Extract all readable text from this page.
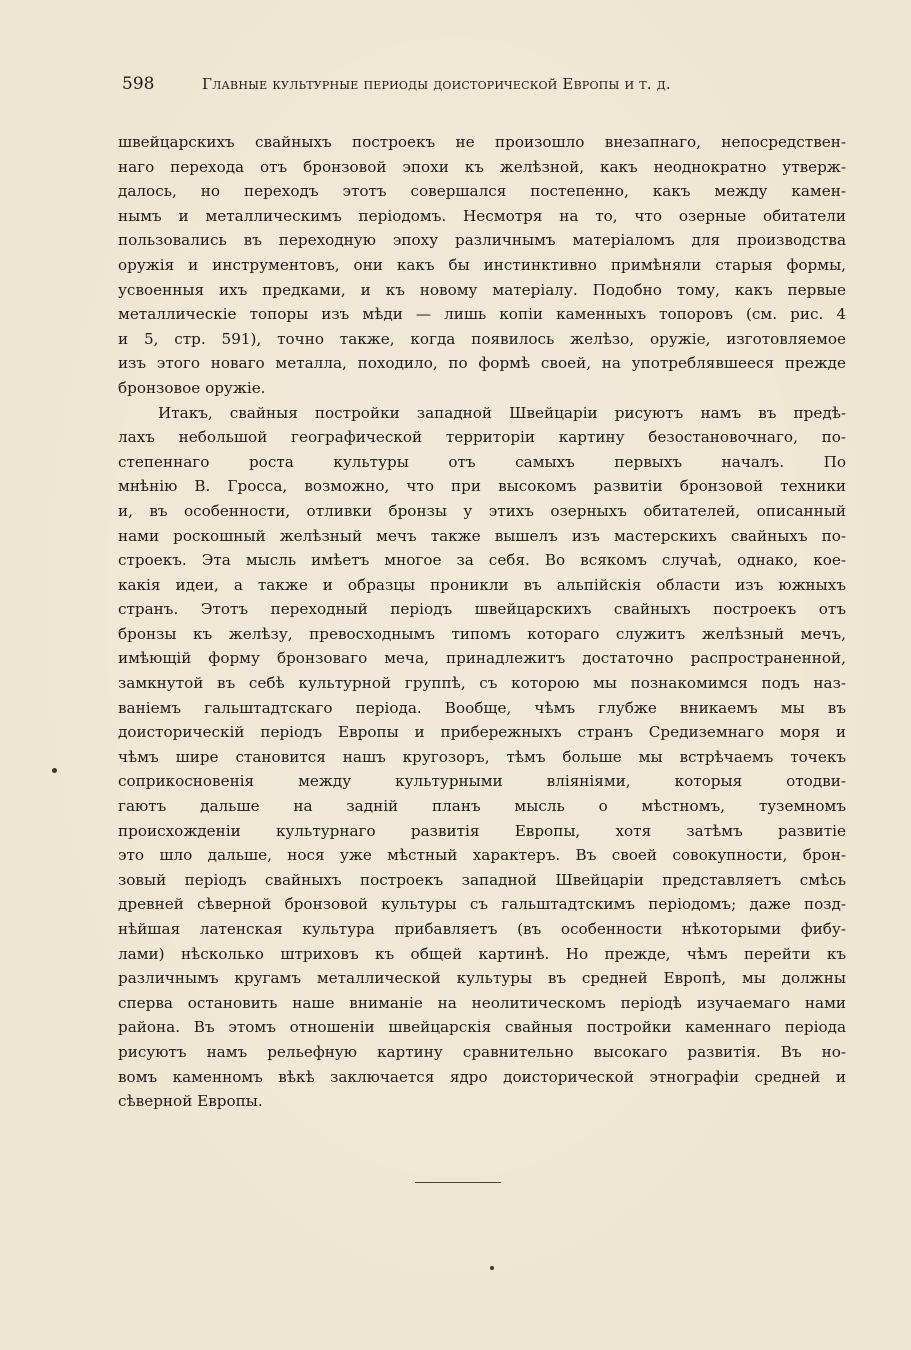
598	Главные культурные периоды доисторической Европы и т. д.

швейцарскихъ свайныхъ построекъ не произошло внезапнаго, непосредствен-
наго перехода отъ бронзовой эпохи къ желѣзной, какъ неоднократно утверж-
далось, но переходъ этотъ совершался постепенно, какъ между камен-
нымъ и металлическимъ періодомъ. Несмотря на то, что озерные обитатели
пользовались въ переходную эпоху различнымъ матеріаломъ для производства
оружія и инструментовъ, они какъ бы инстинктивно примѣняли старыя формы,
усвоенныя ихъ предками, и къ новому матеріалу. Подобно тому, какъ первые
металлическіе топоры изъ мѣди — лишь копіи каменныхъ топоровъ (см. рис. 4
и 5, стр. 591), точно также, когда появилось желѣзо, оружіе, изготовляемое
изъ этого новаго металла, походило, по формѣ своей, на употреблявшееся прежде
бронзовое оружіе.

Итакъ, свайныя постройки западной Швейцаріи рисуютъ намъ въ предѣ-
лахъ небольшой географической территоріи картину безостановочнаго, по-
степеннаго роста культуры отъ самыхъ первыхъ началъ. По
мнѣнію В. Гросса, возможно, что при высокомъ развитіи бронзовой техники
и, въ особенности, отливки бронзы у этихъ озерныхъ обитателей, описанный
нами роскошный желѣзный мечъ также вышелъ изъ мастерскихъ свайныхъ по-
строекъ. Эта мысль имѣетъ многое за себя. Во всякомъ случаѣ, однако, кое-
какія идеи, а также и образцы проникли въ альпійскія области изъ южныхъ
странъ. Этотъ переходный періодъ швейцарскихъ свайныхъ построекъ отъ
бронзы къ желѣзу, превосходнымъ типомъ котораго служитъ желѣзный мечъ,
имѣющій форму бронзоваго меча, принадлежитъ достаточно распространенной,
замкнутой въ себѣ культурной группѣ, съ которою мы познакомимся подъ наз-
ваніемъ гальштадтскаго періода. Вообще, чѣмъ глубже вникаемъ мы въ
доисторическій періодъ Европы и прибережныхъ странъ Средиземнаго моря и
чѣмъ шире становится нашъ кругозоръ, тѣмъ больше мы встрѣчаемъ точекъ
соприкосновенія между культурными вліяніями, которыя отодви-
гаютъ дальше на задній планъ мысль о мѣстномъ, туземномъ
происхожденіи культурнаго развитія Европы, хотя затѣмъ развитіе
это шло дальше, нося уже мѣстный характеръ. Въ своей совокупности, брон-
зовый періодъ свайныхъ построекъ западной Швейцаріи представляетъ смѣсь
древней сѣверной бронзовой культуры съ гальштадтскимъ періодомъ; даже позд-
нѣйшая латенская культура прибавляетъ (въ особенности нѣкоторыми фибу-
лами) нѣсколько штриховъ къ общей картинѣ. Но прежде, чѣмъ перейти къ
различнымъ кругамъ металлической культуры въ средней Европѣ, мы должны
сперва остановить наше вниманіе на неолитическомъ періодѣ изучаемаго нами
района. Въ этомъ отношеніи швейцарскія свайныя постройки каменнаго періода
рисуютъ намъ рельефную картину сравнительно высокаго развитія. Въ но-
вомъ каменномъ вѣкѣ заключается ядро доисторической этнографіи средней и
сѣверной Европы.
